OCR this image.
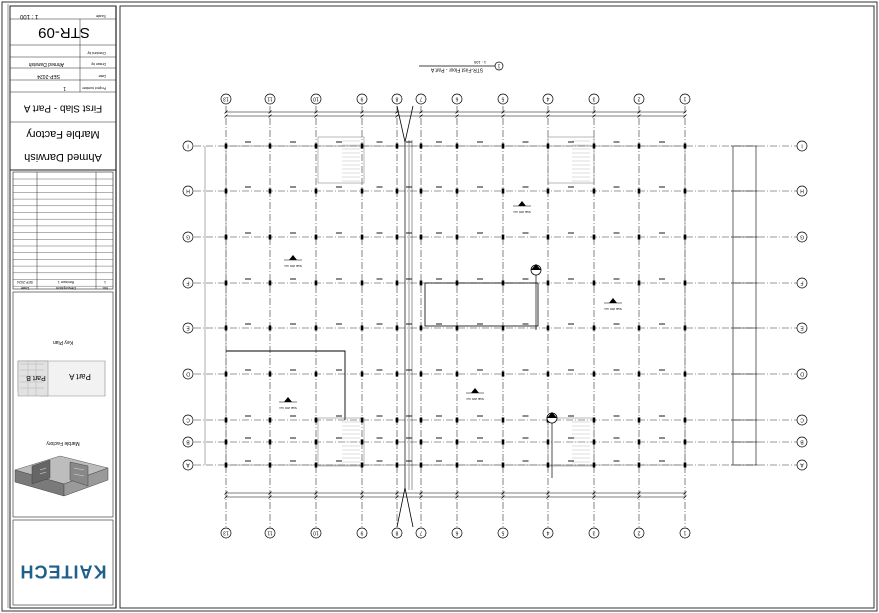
1 : 100	Scale
STR-09
Checked by
Drawn by
Ahmed Darwish
Date
SEP-2024
Project number
1
First Slab - Part A
Marble Factory
Ahmed Darwish
Date	Description	No.
SEP-2024	Revision 1	1
Key Plan
Part A
Part B
Marble Factory
KAITECH
1
STR-First Floor - Part A
1 : 100
13
13
11
11
10
10
9
9
8
8
7
7
6
6
5
5
4
4
3
3
2
2
1
1
I	I
H	H
G	G
F	F
E	E
D	D
C	C
B	B
A	A
Slab 200 mm
Slab 200 mm
Slab 200 mm
Slab 200 mm
Slab 200 mm
